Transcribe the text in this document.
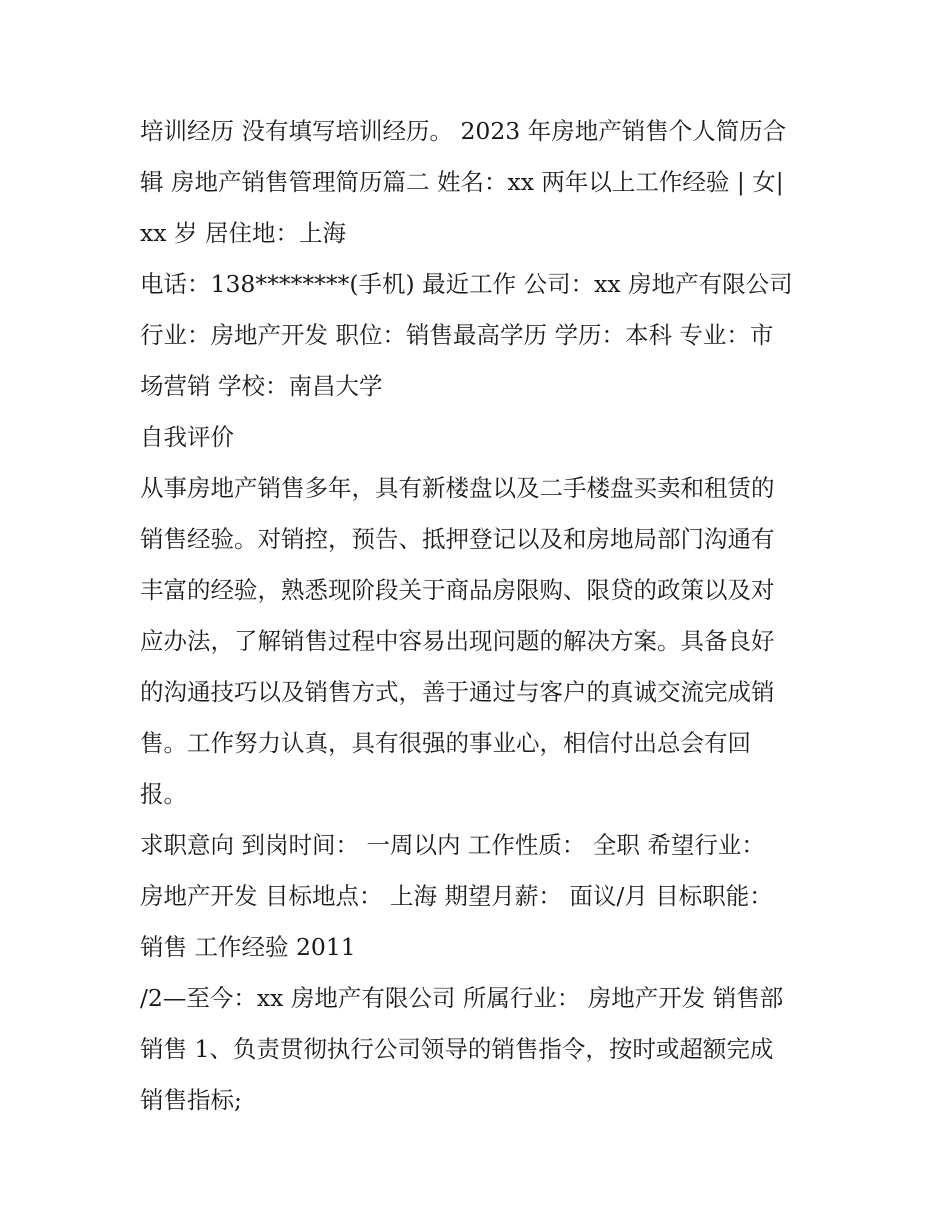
培训经历 没有填写培训经历。 2023 年房地产销售个人简历合
辑 房地产销售管理简历篇二 姓名：xx 两年以上工作经验 | 女|
xx 岁 居住地：上海
电话：138********(手机) 最近工作 公司：xx 房地产有限公司
行业：房地产开发 职位：销售最高学历 学历：本科 专业：市
场营销 学校：南昌大学
自我评价
从事房地产销售多年，具有新楼盘以及二手楼盘买卖和租赁的
销售经验。对销控，预告、抵押登记以及和房地局部门沟通有
丰富的经验，熟悉现阶段关于商品房限购、限贷的政策以及对
应办法，了解销售过程中容易出现问题的解决方案。具备良好
的沟通技巧以及销售方式，善于通过与客户的真诚交流完成销
售。工作努力认真，具有很强的事业心，相信付出总会有回
报。
求职意向 到岗时间： 一周以内 工作性质： 全职 希望行业：
房地产开发 目标地点： 上海 期望月薪： 面议/月 目标职能：
销售 工作经验 2011
/2—至今：xx 房地产有限公司 所属行业： 房地产开发 销售部
销售 1、负责贯彻执行公司领导的销售指令，按时或超额完成
销售指标;
